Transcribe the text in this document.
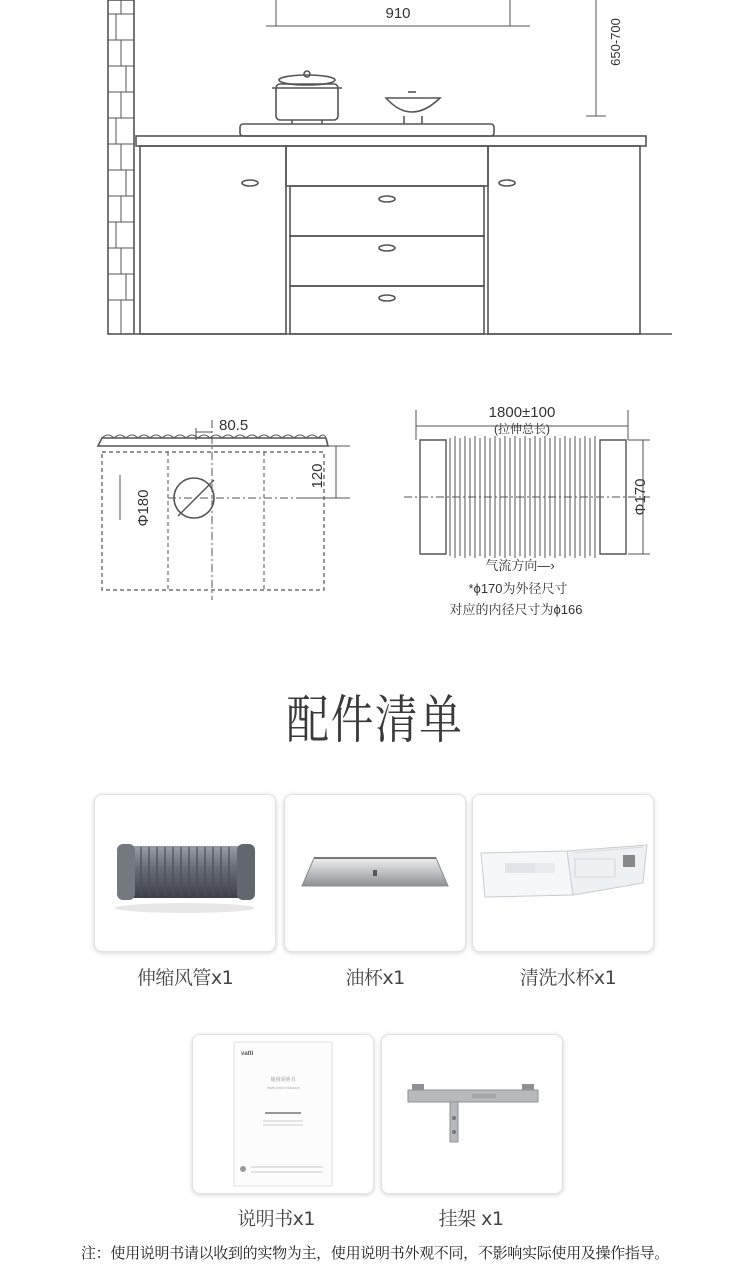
910
650-700
80.5
120
Φ180
1800±100
(拉伸总长)
Φ170
气流方向—›
*ϕ170为外径尺寸
对应的内径尺寸为ϕ166
配件清单
vatti
使用说明书
Instruction Manual
伸缩风管x1	油杯x1	清洗水杯x1
说明书x1	挂架 x1
注：使用说明书请以收到的实物为主，使用说明书外观不同，不影响实际使用及操作指导。
